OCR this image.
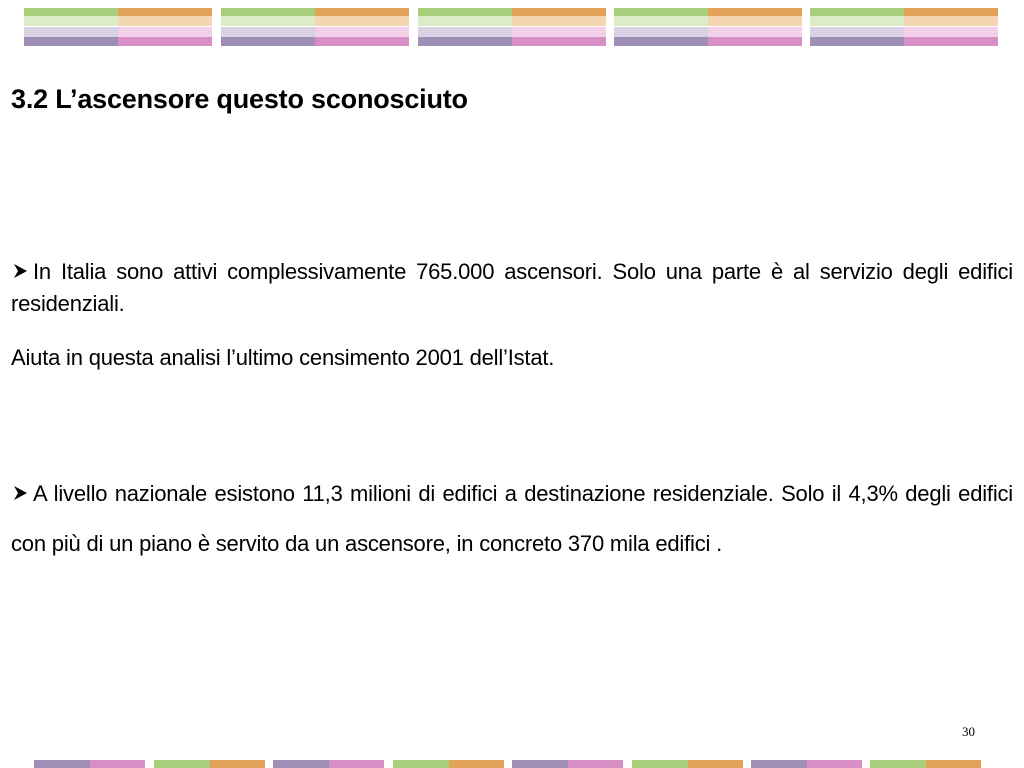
3.2 L’ascensore questo sconosciuto

In Italia sono attivi complessivamente 765.000 ascensori. Solo una parte è al servizio degli edifici residenziali.

Aiuta in questa analisi l’ultimo censimento 2001 dell’Istat.

A livello nazionale esistono 11,3 milioni di edifici a destinazione residenziale. Solo il 4,3% degli edifici con più di un piano è servito da un ascensore, in concreto 370 mila edifici .

30
